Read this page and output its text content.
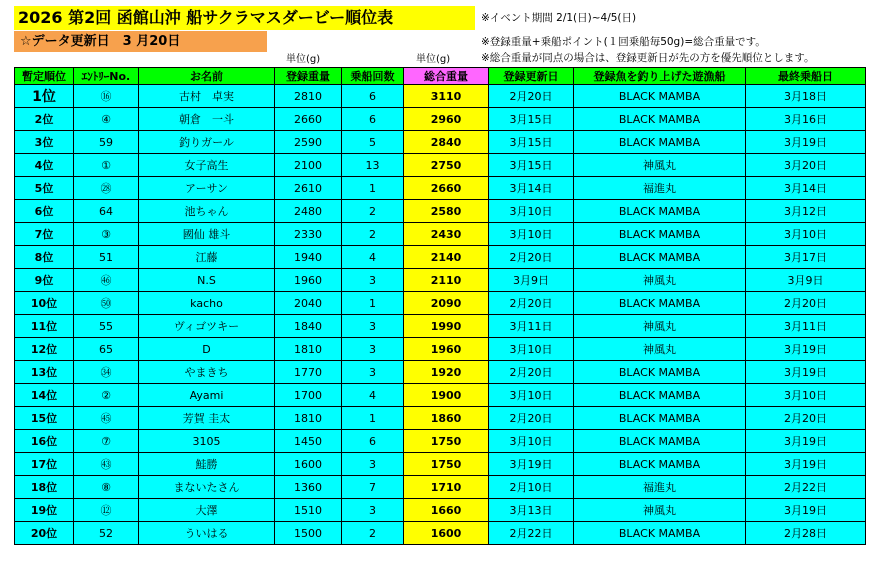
2026 第2回 函館山沖 船サクラマスダービー順位表
☆データ更新日　3 月20日
※イベント期間 2/1(日)~4/5(日)
※登録重量+乗船ポイント(１回乗船毎50g)=総合重量です。
※総合重量が同点の場合は、登録更新日が先の方を優先順位とします。
単位(g)	単位(g)
暫定順位	ｴﾝﾄﾘｰNo.	お名前	登録重量	乗船回数	総合重量	登録更新日	登録魚を釣り上げた遊漁船	最終乗船日
1位	⑯	古村　卓実	2810	6	3110	2月20日	BLACK MAMBA	3月18日
2位	④	朝倉　一斗	2660	6	2960	3月15日	BLACK MAMBA	3月16日
3位	59	釣りガール	2590	5	2840	3月15日	BLACK MAMBA	3月19日
4位	①	女子高生	2100	13	2750	3月15日	神風丸	3月20日
5位	㉘	アーサン	2610	1	2660	3月14日	福進丸	3月14日
6位	64	池ちゃん	2480	2	2580	3月10日	BLACK MAMBA	3月12日
7位	③	國仙 雄斗	2330	2	2430	3月10日	BLACK MAMBA	3月10日
8位	51	江藤	1940	4	2140	2月20日	BLACK MAMBA	3月17日
9位	㊻	N.S	1960	3	2110	3月9日	神風丸	3月9日
10位	㊿	kacho	2040	1	2090	2月20日	BLACK MAMBA	2月20日
11位	55	ヴィゴツキー	1840	3	1990	3月11日	神風丸	3月11日
12位	65	D	1810	3	1960	3月10日	神風丸	3月19日
13位	㉞	やまきち	1770	3	1920	2月20日	BLACK MAMBA	3月19日
14位	②	Ayami	1700	4	1900	3月10日	BLACK MAMBA	3月10日
15位	㊺	芳賀 圭太	1810	1	1860	2月20日	BLACK MAMBA	2月20日
16位	⑦	3105	1450	6	1750	3月10日	BLACK MAMBA	3月19日
17位	㊸	鮭勝	1600	3	1750	3月19日	BLACK MAMBA	3月19日
18位	⑧	まないたさん	1360	7	1710	2月10日	福進丸	2月22日
19位	⑫	大澤	1510	3	1660	3月13日	神風丸	3月19日
20位	52	ういはる	1500	2	1600	2月22日	BLACK MAMBA	2月28日
